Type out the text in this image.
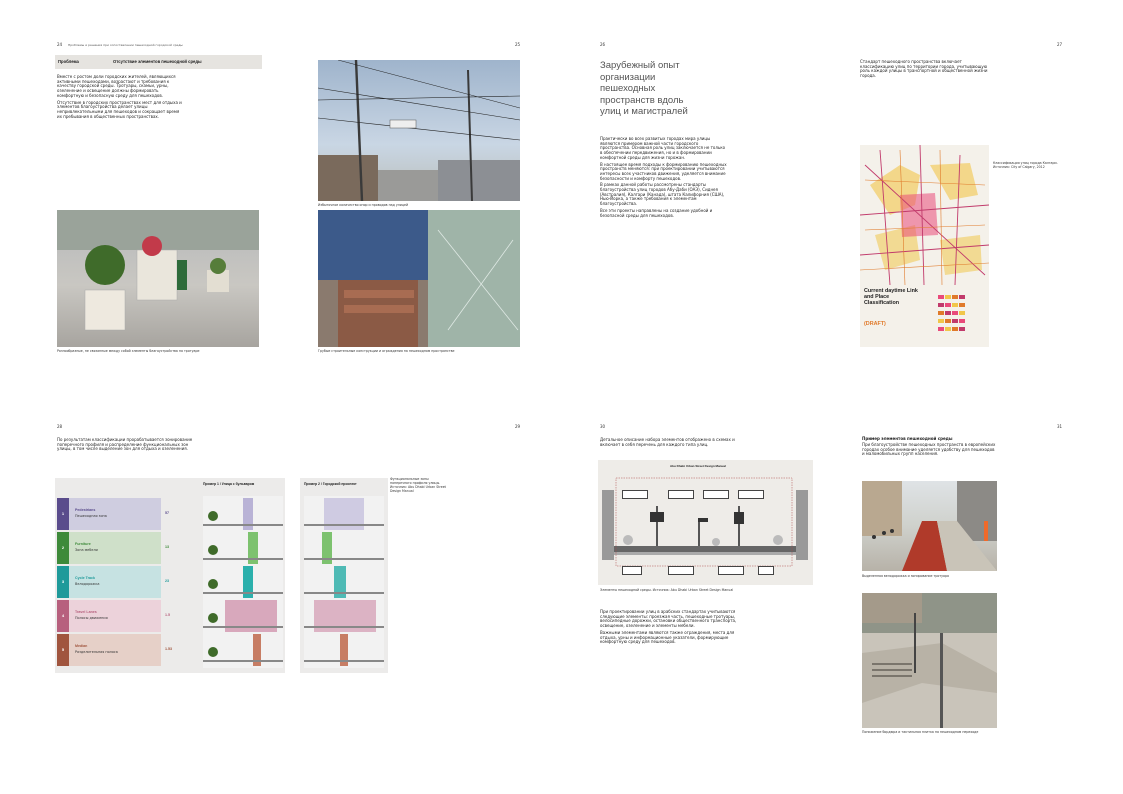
24 Проблемы и решения при сопоставлении пешеходной городской среды	25
Проблема	Отсутствие элементов пешеходной среды

Вместе с ростом доли городских жителей, являющихся активными пешеходами, возрастают и требования к качеству городской среды. Тротуары, скамьи, урны, озеленение и освещение должны формировать комфортную и безопасную среду для пешеходов.

Отсутствие в городских пространствах мест для отдыха и элементов благоустройства делает улицы непривлекательными для пешеходов и сокращает время их пребывания в общественных пространствах.

Избыточное количество опор и проводов над улицей
Разнообразные, не связанные между собой элементы благоустройства на тротуаре	Грубые строительные конструкции и ограждения на пешеходном пространстве
26	27
Зарубежный опыт организации пешеходных пространств вдоль улиц и магистралей

Практически во всех развитых городах мира улицы являются примером важной части городского пространства. Основная роль улиц заключается не только в обеспечении передвижения, но и в формировании комфортной среды для жизни горожан.

В настоящее время подходы к формированию пешеходных пространств меняются: при проектировании учитываются интересы всех участников движения, уделяется внимание безопасности и комфорту пешеходов.

В рамках данной работы рассмотрены стандарты благоустройства улиц городов Абу-Даби (ОАЭ), Сиднея (Австралия), Калгари (Канада), штата Калифорния (США), Нью-Йорка, а также требования к элементам благоустройства.

Все эти проекты направлены на создание удобной и безопасной среды для пешеходов.

Стандарт пешеходного пространства включает классификацию улиц по территории города, учитывающую роль каждой улицы в транспортной и общественной жизни города.
Current daytime Link and Place Classification
(DRAFT)
Классификация улиц города Калгари. Источник: City of Calgary, 2012
28	29
По результатам классификации прорабатывается зонирование поперечного профиля и распределение функциональных зон улицы, в том числе выделение зон для отдыха и озеленения.
Пример 1 / Улица с бульваром
1
Pedestrians
Пешеходная зона
57
2
Furniture
Зона мебели
13
3
Cycle Track
Велодорожка
23
4
Travel Lanes
Полосы движения
1.5
5
Median
Разделительная полоса
1.53
Пример 2 / Городской проспект
Функциональные зоны поперечного профиля улицы. Источник: Abu Dhabi Urban Street Design Manual
30	31
Детальное описание набора элементов отображено в схемах и включает в себя перечень для каждого типа улиц.
Abu Dhabi Urban Street Design Manual
Элементы пешеходной среды. Источник: Abu Dhabi Urban Street Design Manual

При проектировании улиц в арабских стандартах учитываются следующие элементы: проезжая часть, пешеходные тротуары, велосипедные дорожки, остановки общественного транспорта, освещение, озеленение и элементы мебели.

Важными элементами являются также ограждения, места для отдыха, урны и информационные указатели, формирующие комфортную среду для пешеходов.

Пример элементов пешеходной среды
При благоустройстве пешеходных пространств в европейских городах особое внимание уделяется удобству для пешеходов и маломобильных групп населения.
Выделенная велодорожка и зонирование тротуара
Понижение бордюра и тактильная плитка на пешеходном переходе
